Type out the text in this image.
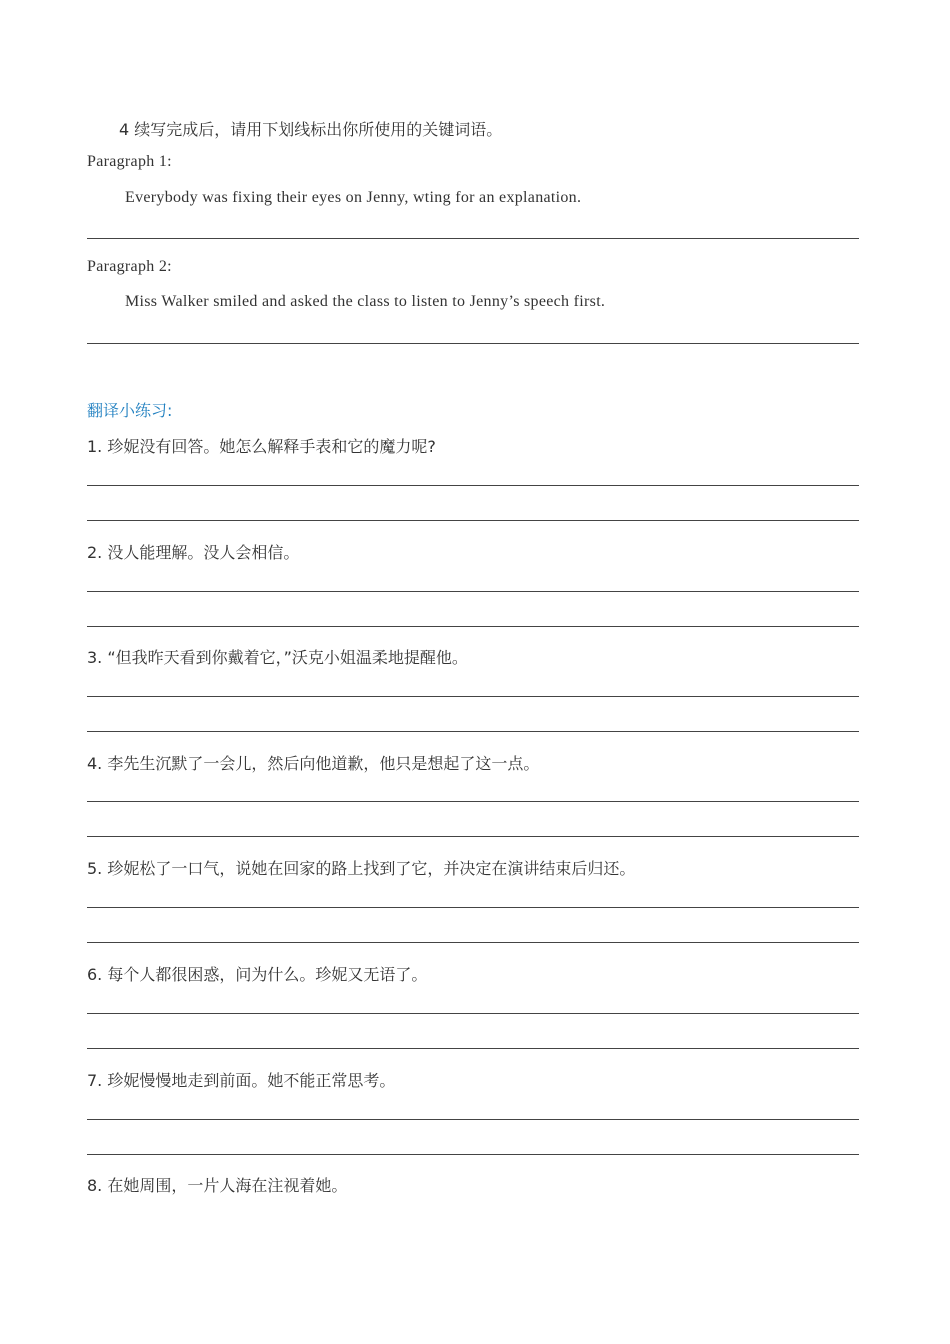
4 续写完成后，请用下划线标出你所使用的关键词语。
Paragraph 1:
Everybody was fixing their eyes on Jenny, wting for an explanation.
Paragraph 2:
Miss Walker smiled and asked the class to listen to Jenny’s speech first.
翻译小练习:
1. 珍妮没有回答。她怎么解释手表和它的魔力呢?
2. 没人能理解。没人会相信。
3. “但我昨天看到你戴着它，”沃克小姐温柔地提醒他。
4. 李先生沉默了一会儿，然后向他道歉，他只是想起了这一点。
5. 珍妮松了一口气，说她在回家的路上找到了它，并决定在演讲结束后归还。
6. 每个人都很困惑，问为什么。珍妮又无语了。
7. 珍妮慢慢地走到前面。她不能正常思考。
8. 在她周围，一片人海在注视着她。
